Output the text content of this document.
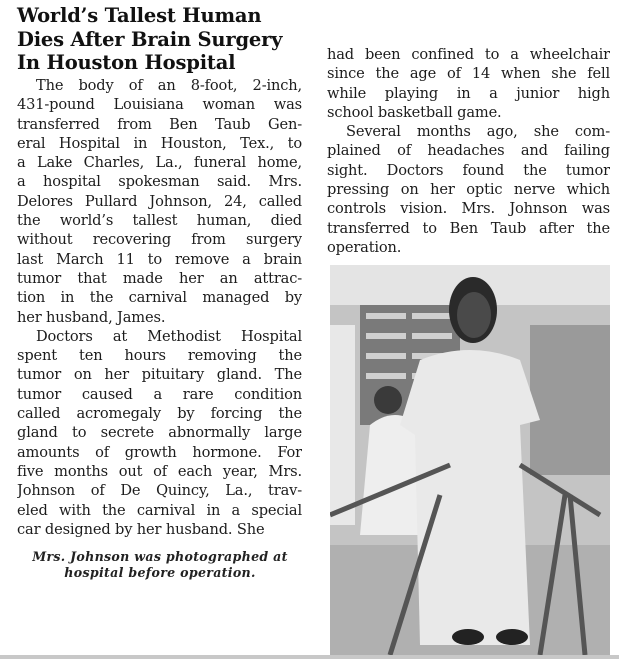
World’s Tallest Human
Dies After Brain Surgery
In Houston Hospital
The body of an 8-foot, 2-inch,
431-pound Louisiana woman was
transferred from Ben Taub Gen-
eral Hospital in Houston, Tex., to
a Lake Charles, La., funeral home,
a hospital spokesman said. Mrs.
Delores Pullard Johnson, 24, called
the world’s tallest human, died
without recovering from surgery
last March 11 to remove a brain
tumor that made her an attrac-
tion in the carnival managed by
her husband, James.
Doctors at Methodist Hospital
spent ten hours removing the
tumor on her pituitary gland. The
tumor caused a rare condition
called acromegaly by forcing the
gland to secrete abnormally large
amounts of growth hormone. For
five months out of each year, Mrs.
Johnson of De Quincy, La., trav-
eled with the carnival in a special
car designed by her husband. She
Mrs. Johnson was photographed at
hospital before operation.
had been confined to a wheelchair
since the age of 14 when she fell
while playing in a junior high
school basketball game.
Several months ago, she com-
plained of headaches and failing
sight. Doctors found the tumor
pressing on her optic nerve which
controls vision. Mrs. Johnson was
transferred to Ben Taub after the
operation.
